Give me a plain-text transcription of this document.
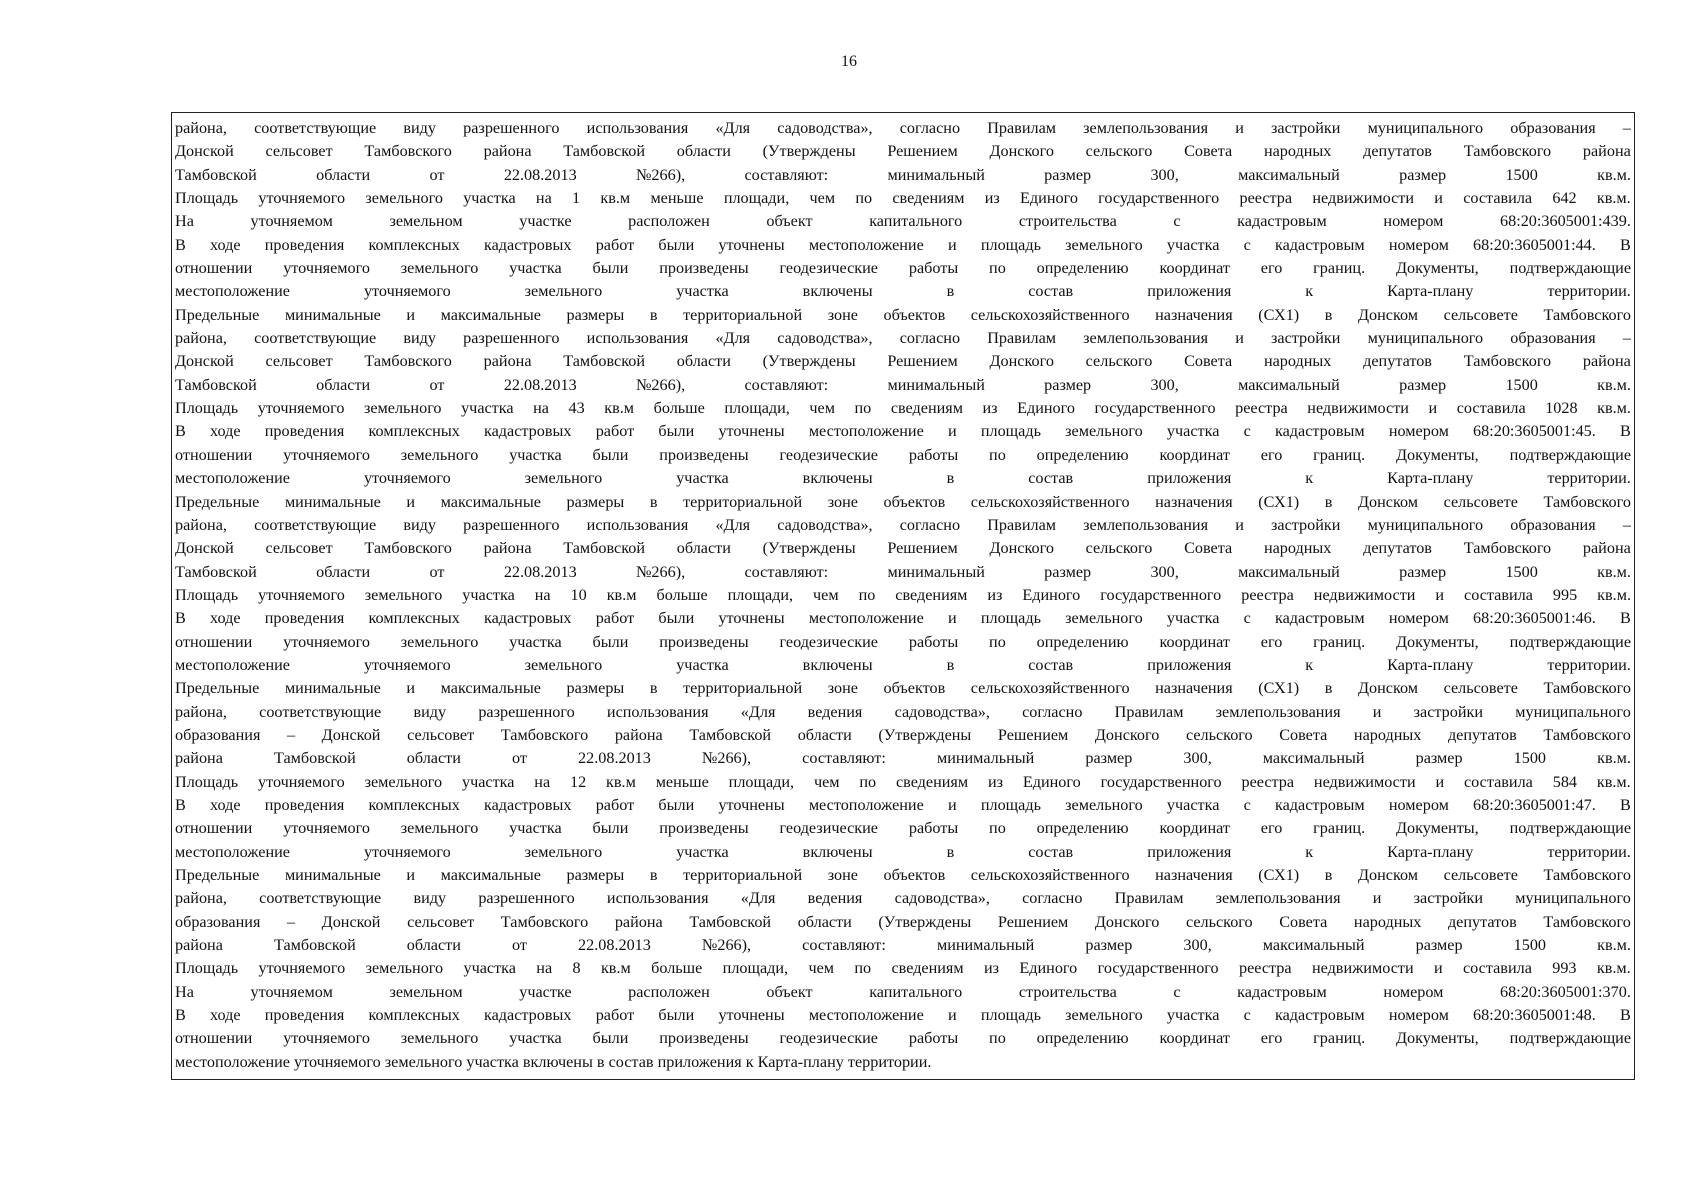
16
района, соответствующие виду разрешенного использования «Для садоводства», согласно Правилам землепользования и застройки муниципального образования –
Донской сельсовет Тамбовского района Тамбовской области (Утверждены Решением Донского сельского Совета народных депутатов Тамбовского района
Тамбовской	области	от	22.08.2013	№266),	составляют:	минимальный	размер	300,	максимальный	размер	1500	кв.м.
Площадь уточняемого земельного участка на 1 кв.м меньше площади, чем по сведениям из Единого государственного реестра недвижимости и составила 642 кв.м.
На	уточняемом	земельном	участке	расположен	объект	капитального	строительства	с	кадастровым	номером	68:20:3605001:439.
В ходе проведения комплексных кадастровых работ были уточнены местоположение и площадь земельного участка с кадастровым номером 68:20:3605001:44. В
отношении уточняемого земельного участка были произведены геодезические работы по определению координат его границ. Документы, подтверждающие
местоположение	уточняемого	земельного	участка	включены	в	состав	приложения	к	Карта-плану	территории.
Предельные минимальные и максимальные размеры в территориальной зоне объектов сельскохозяйственного назначения (СХ1) в Донском сельсовете Тамбовского
района, соответствующие виду разрешенного использования «Для садоводства», согласно Правилам землепользования и застройки муниципального образования –
Донской сельсовет Тамбовского района Тамбовской области (Утверждены Решением Донского сельского Совета народных депутатов Тамбовского района
Тамбовской	области	от	22.08.2013	№266),	составляют:	минимальный	размер	300,	максимальный	размер	1500	кв.м.
Площадь уточняемого земельного участка на 43 кв.м больше площади, чем по сведениям из Единого государственного реестра недвижимости и составила 1028 кв.м.
В ходе проведения комплексных кадастровых работ были уточнены местоположение и площадь земельного участка с кадастровым номером 68:20:3605001:45. В
отношении уточняемого земельного участка были произведены геодезические работы по определению координат его границ. Документы, подтверждающие
местоположение	уточняемого	земельного	участка	включены	в	состав	приложения	к	Карта-плану	территории.
Предельные минимальные и максимальные размеры в территориальной зоне объектов сельскохозяйственного назначения (СХ1) в Донском сельсовете Тамбовского
района, соответствующие виду разрешенного использования «Для садоводства», согласно Правилам землепользования и застройки муниципального образования –
Донской сельсовет Тамбовского района Тамбовской области (Утверждены Решением Донского сельского Совета народных депутатов Тамбовского района
Тамбовской	области	от	22.08.2013	№266),	составляют:	минимальный	размер	300,	максимальный	размер	1500	кв.м.
Площадь уточняемого земельного участка на 10 кв.м больше площади, чем по сведениям из Единого государственного реестра недвижимости и составила 995 кв.м.
В ходе проведения комплексных кадастровых работ были уточнены местоположение и площадь земельного участка с кадастровым номером 68:20:3605001:46. В
отношении уточняемого земельного участка были произведены геодезические работы по определению координат его границ. Документы, подтверждающие
местоположение	уточняемого	земельного	участка	включены	в	состав	приложения	к	Карта-плану	территории.
Предельные минимальные и максимальные размеры в территориальной зоне объектов сельскохозяйственного назначения (СХ1) в Донском сельсовете Тамбовского
района, соответствующие виду разрешенного использования «Для ведения садоводства», согласно Правилам землепользования и застройки муниципального
образования – Донской сельсовет Тамбовского района Тамбовской области (Утверждены Решением Донского сельского Совета народных депутатов Тамбовского
района	Тамбовской	области	от	22.08.2013	№266),	составляют:	минимальный	размер	300,	максимальный	размер	1500	кв.м.
Площадь уточняемого земельного участка на 12 кв.м меньше площади, чем по сведениям из Единого государственного реестра недвижимости и составила 584 кв.м.
В ходе проведения комплексных кадастровых работ были уточнены местоположение и площадь земельного участка с кадастровым номером 68:20:3605001:47. В
отношении уточняемого земельного участка были произведены геодезические работы по определению координат его границ. Документы, подтверждающие
местоположение	уточняемого	земельного	участка	включены	в	состав	приложения	к	Карта-плану	территории.
Предельные минимальные и максимальные размеры в территориальной зоне объектов сельскохозяйственного назначения (СХ1) в Донском сельсовете Тамбовского
района, соответствующие виду разрешенного использования «Для ведения садоводства», согласно Правилам землепользования и застройки муниципального
образования – Донской сельсовет Тамбовского района Тамбовской области (Утверждены Решением Донского сельского Совета народных депутатов Тамбовского
района	Тамбовской	области	от	22.08.2013	№266),	составляют:	минимальный	размер	300,	максимальный	размер	1500	кв.м.
Площадь уточняемого земельного участка на 8 кв.м больше площади, чем по сведениям из Единого государственного реестра недвижимости и составила 993 кв.м.
На	уточняемом	земельном	участке	расположен	объект	капитального	строительства	с	кадастровым	номером	68:20:3605001:370.
В ходе проведения комплексных кадастровых работ были уточнены местоположение и площадь земельного участка с кадастровым номером 68:20:3605001:48. В
отношении уточняемого земельного участка были произведены геодезические работы по определению координат его границ. Документы, подтверждающие
местоположение уточняемого земельного участка включены в состав приложения к Карта-плану территории.
